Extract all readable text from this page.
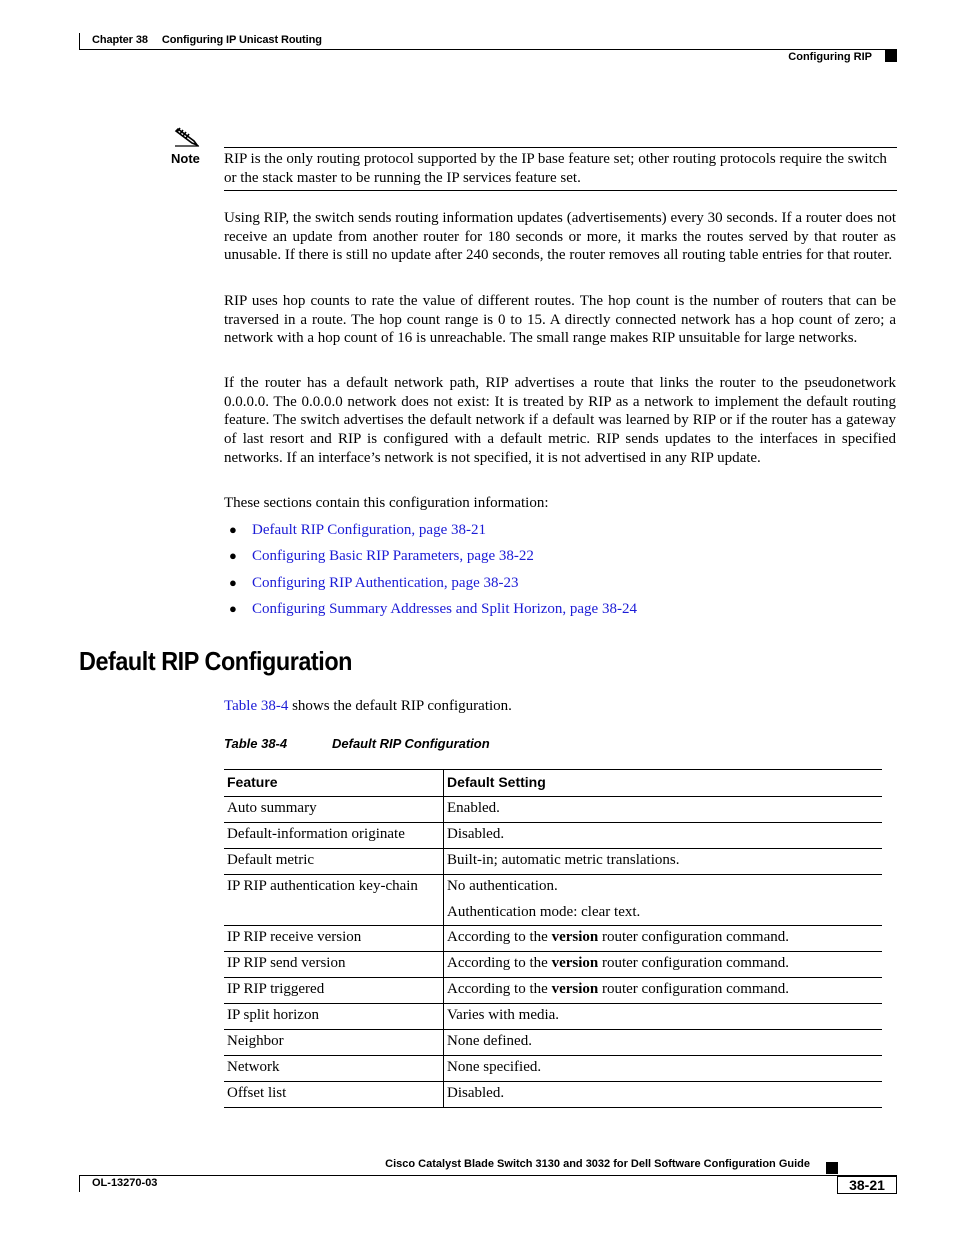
Chapter 38 Configuring IP Unicast Routing
Configuring RIP
Note RIP is the only routing protocol supported by the IP base feature set; other routing protocols require the switch or the stack master to be running the IP services feature set.
Using RIP, the switch sends routing information updates (advertisements) every 30 seconds. If a router does not receive an update from another router for 180 seconds or more, it marks the routes served by that router as unusable. If there is still no update after 240 seconds, the router removes all routing table entries for that router.
RIP uses hop counts to rate the value of different routes. The hop count is the number of routers that can be traversed in a route. The hop count range is 0 to 15. A directly connected network has a hop count of zero; a network with a hop count of 16 is unreachable. The small range makes RIP unsuitable for large networks.
If the router has a default network path, RIP advertises a route that links the router to the pseudonetwork 0.0.0.0. The 0.0.0.0 network does not exist: It is treated by RIP as a network to implement the default routing feature. The switch advertises the default network if a default was learned by RIP or if the router has a gateway of last resort and RIP is configured with a default metric. RIP sends updates to the interfaces in specified networks. If an interface’s network is not specified, it is not advertised in any RIP update.
These sections contain this configuration information:
● Default RIP Configuration, page 38-21
● Configuring Basic RIP Parameters, page 38-22
● Configuring RIP Authentication, page 38-23
● Configuring Summary Addresses and Split Horizon, page 38-24
Default RIP Configuration
Table 38-4 shows the default RIP configuration.
Table 38-4	Default RIP Configuration
Feature	Default Setting
Auto summary	Enabled.
Default-information originate	Disabled.
Default metric	Built-in; automatic metric translations.
IP RIP authentication key-chain	No authentication.
Authentication mode: clear text.

IP RIP receive version	According to the version router configuration command.
IP RIP send version	According to the version router configuration command.
IP RIP triggered	According to the version router configuration command.
IP split horizon	Varies with media.
Neighbor	None defined.
Network	None specified.
Offset list	Disabled.
Cisco Catalyst Blade Switch 3130 and 3032 for Dell Software Configuration Guide
OL-13270-03	38-21
